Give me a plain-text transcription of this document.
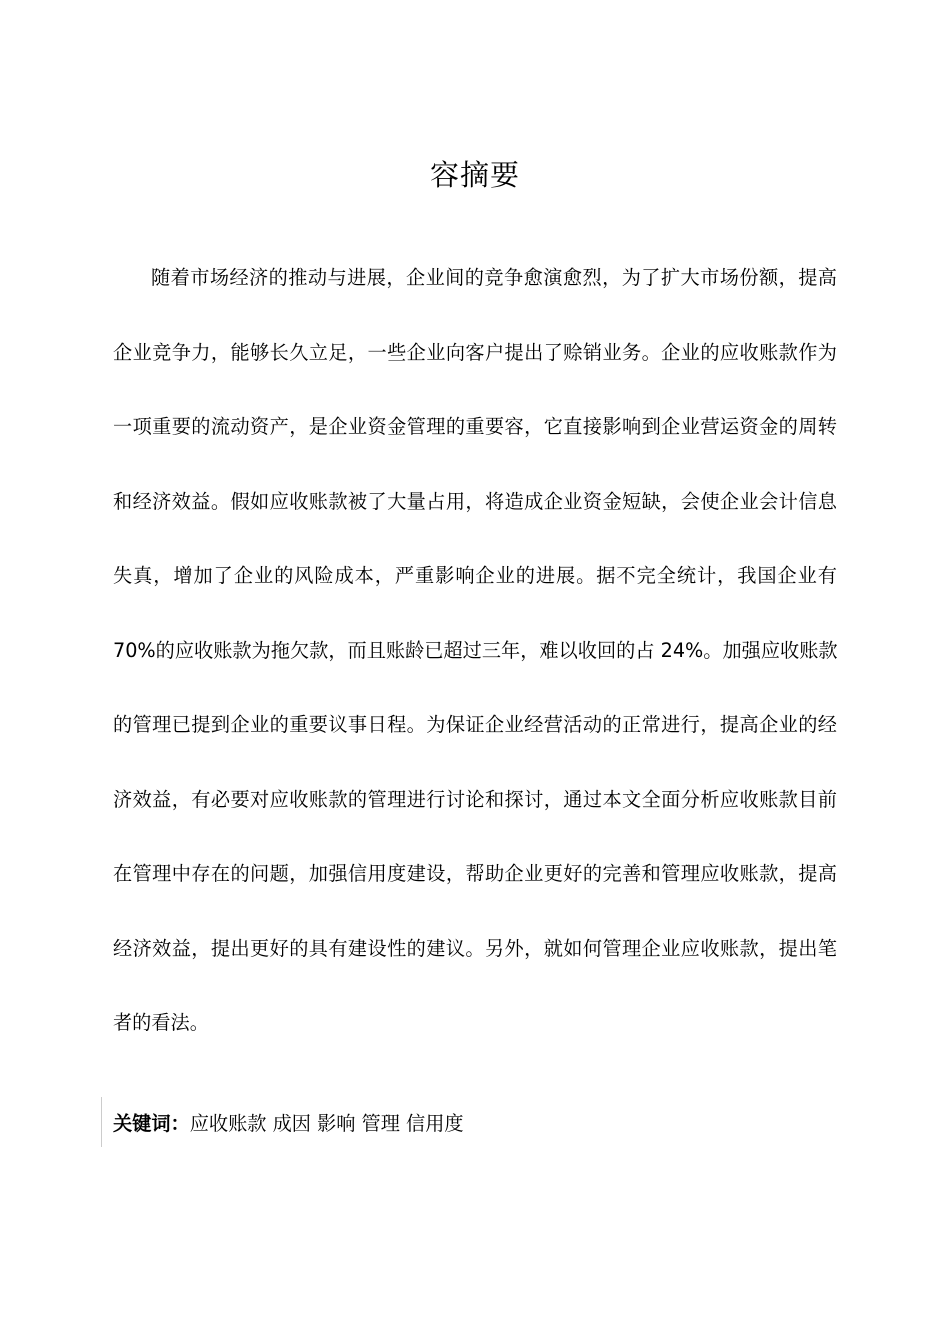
容摘要
随着市场经济的推动与进展，企业间的竞争愈演愈烈，为了扩大市场份额，提高
企业竞争力，能够长久立足，一些企业向客户提出了赊销业务。企业的应收账款作为
一项重要的流动资产，是企业资金管理的重要容，它直接影响到企业营运资金的周转
和经济效益。假如应收账款被了大量占用，将造成企业资金短缺，会使企业会计信息
失真，增加了企业的风险成本，严重影响企业的进展。据不完全统计，我国企业有
70%的应收账款为拖欠款，而且账龄已超过三年，难以收回的占 24%。加强应收账款
的管理已提到企业的重要议事日程。为保证企业经营活动的正常进行，提高企业的经
济效益，有必要对应收账款的管理进行讨论和探讨，通过本文全面分析应收账款目前
在管理中存在的问题，加强信用度建设，帮助企业更好的完善和管理应收账款，提高
经济效益，提出更好的具有建设性的建议。另外，就如何管理企业应收账款，提出笔
者的看法。
关键词：应收账款 成因 影响 管理 信用度
